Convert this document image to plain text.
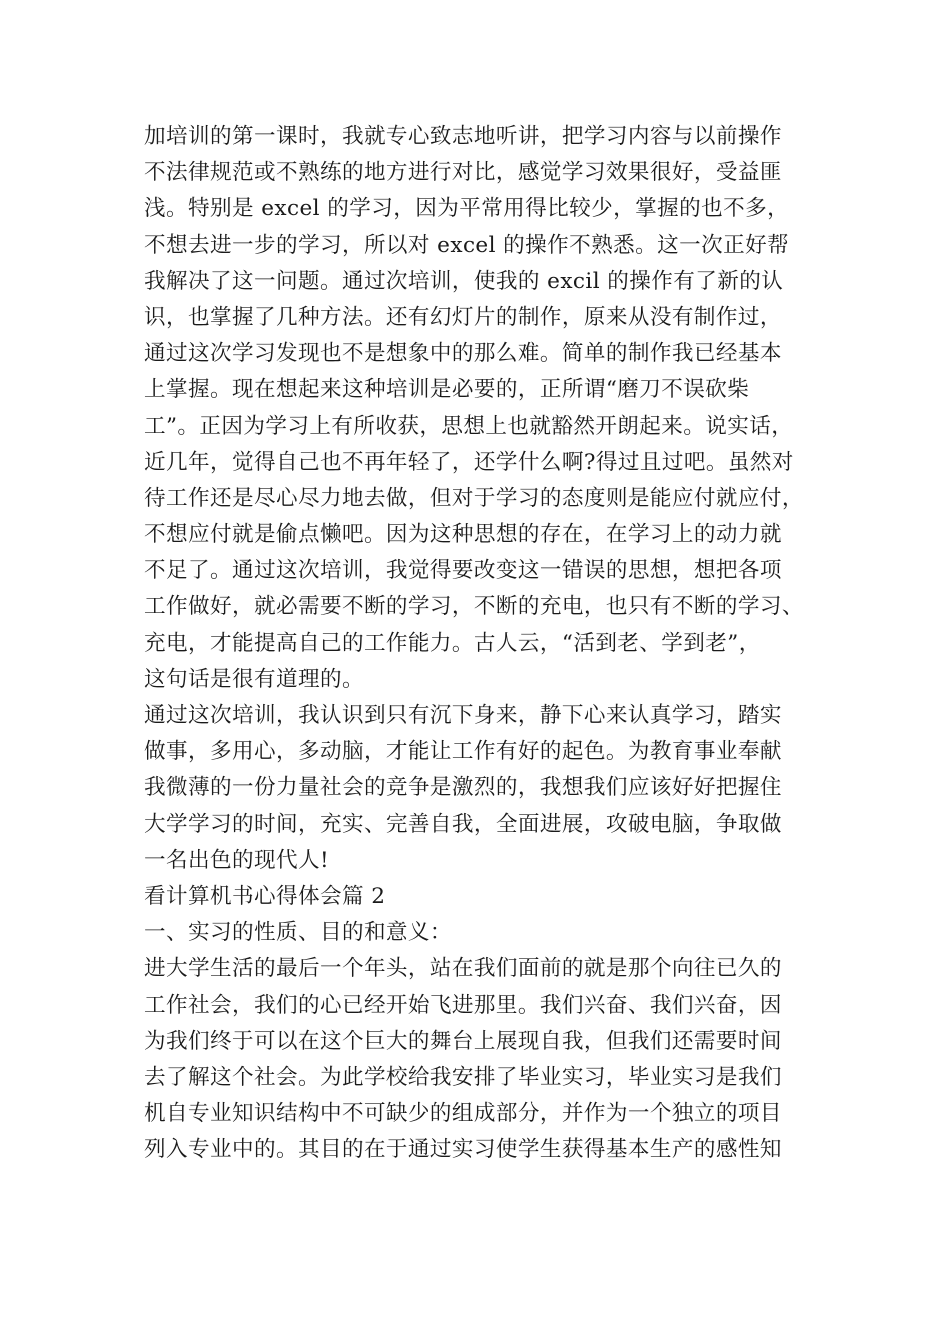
加培训的第一课时，我就专心致志地听讲，把学习内容与以前操作
不法律规范或不熟练的地方进行对比，感觉学习效果很好，受益匪
浅。特别是 excel 的学习，因为平常用得比较少，掌握的也不多，
不想去进一步的学习，所以对 excel 的操作不熟悉。这一次正好帮
我解决了这一问题。通过次培训，使我的 excil 的操作有了新的认
识，也掌握了几种方法。还有幻灯片的制作，原来从没有制作过，
通过这次学习发现也不是想象中的那么难。简单的制作我已经基本
上掌握。现在想起来这种培训是必要的，正所谓“磨刀不误砍柴
工”。正因为学习上有所收获，思想上也就豁然开朗起来。说实话，
近几年，觉得自己也不再年轻了，还学什么啊?得过且过吧。虽然对
待工作还是尽心尽力地去做，但对于学习的态度则是能应付就应付，
不想应付就是偷点懒吧。因为这种思想的存在，在学习上的动力就
不足了。通过这次培训，我觉得要改变这一错误的思想，想把各项
工作做好，就必需要不断的学习，不断的充电，也只有不断的学习、
充电，才能提高自己的工作能力。古人云，“活到老、学到老”，
这句话是很有道理的。
通过这次培训，我认识到只有沉下身来，静下心来认真学习，踏实
做事，多用心，多动脑，才能让工作有好的起色。为教育事业奉献
我微薄的一份力量社会的竞争是激烈的，我想我们应该好好把握住
大学学习的时间，充实、完善自我，全面进展，攻破电脑，争取做
一名出色的现代人!
看计算机书心得体会篇 2
一、实习的性质、目的和意义：
进大学生活的最后一个年头，站在我们面前的就是那个向往已久的
工作社会，我们的心已经开始飞进那里。我们兴奋、我们兴奋，因
为我们终于可以在这个巨大的舞台上展现自我，但我们还需要时间
去了解这个社会。为此学校给我安排了毕业实习，毕业实习是我们
机自专业知识结构中不可缺少的组成部分，并作为一个独立的项目
列入专业中的。其目的在于通过实习使学生获得基本生产的感性知
